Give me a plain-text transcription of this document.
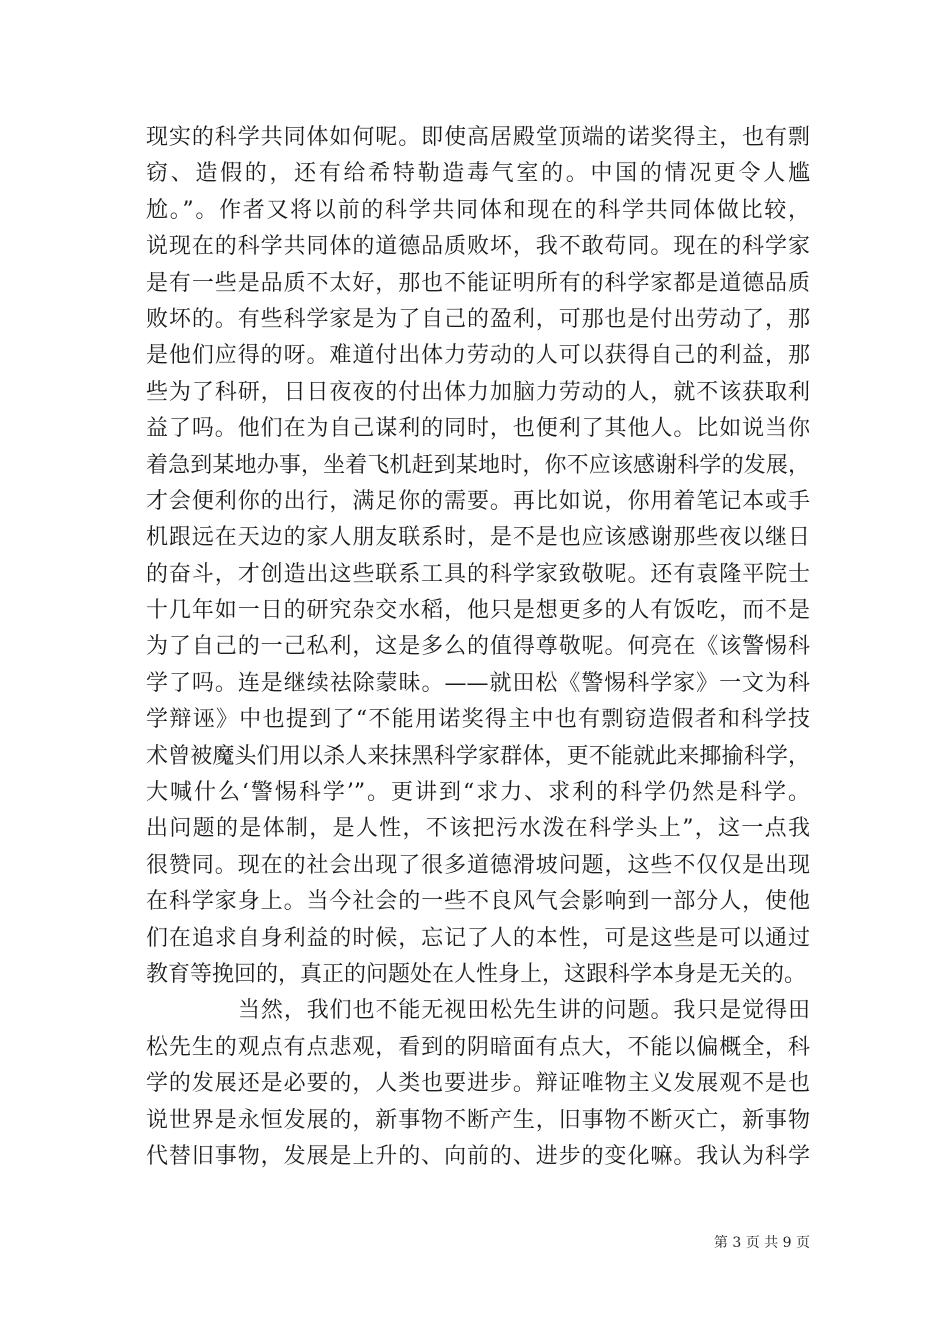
现实的科学共同体如何呢。即使高居殿堂顶端的诺奖得主，也有剽
窃、造假的，还有给希特勒造毒气室的。中国的情况更令人尴
尬。”。作者又将以前的科学共同体和现在的科学共同体做比较，
说现在的科学共同体的道德品质败坏，我不敢苟同。现在的科学家
是有一些是品质不太好，那也不能证明所有的科学家都是道德品质
败坏的。有些科学家是为了自己的盈利，可那也是付出劳动了，那
是他们应得的呀。难道付出体力劳动的人可以获得自己的利益，那
些为了科研，日日夜夜的付出体力加脑力劳动的人，就不该获取利
益了吗。他们在为自己谋利的同时，也便利了其他人。比如说当你
着急到某地办事，坐着飞机赶到某地时，你不应该感谢科学的发展，
才会便利你的出行，满足你的需要。再比如说，你用着笔记本或手
机跟远在天边的家人朋友联系时，是不是也应该感谢那些夜以继日
的奋斗，才创造出这些联系工具的科学家致敬呢。还有袁隆平院士
十几年如一日的研究杂交水稻，他只是想更多的人有饭吃，而不是
为了自己的一己私利，这是多么的值得尊敬呢。何亮在《该警惕科
学了吗。连是继续祛除蒙昧。——就田松《警惕科学家》一文为科
学辩诬》中也提到了“不能用诺奖得主中也有剽窃造假者和科学技
术曾被魔头们用以杀人来抹黑科学家群体，更不能就此来揶揄科学，
大喊什么‘警惕科学’”。更讲到“求力、求利的科学仍然是科学。
出问题的是体制，是人性，不该把污水泼在科学头上”，这一点我
很赞同。现在的社会出现了很多道德滑坡问题，这些不仅仅是出现
在科学家身上。当今社会的一些不良风气会影响到一部分人，使他
们在追求自身利益的时候，忘记了人的本性，可是这些是可以通过
教育等挽回的，真正的问题处在人性身上，这跟科学本身是无关的。
当然，我们也不能无视田松先生讲的问题。我只是觉得田
松先生的观点有点悲观，看到的阴暗面有点大，不能以偏概全，科
学的发展还是必要的，人类也要进步。辩证唯物主义发展观不是也
说世界是永恒发展的，新事物不断产生，旧事物不断灭亡，新事物
代替旧事物，发展是上升的、向前的、进步的变化嘛。我认为科学
第 3 页 共 9 页
